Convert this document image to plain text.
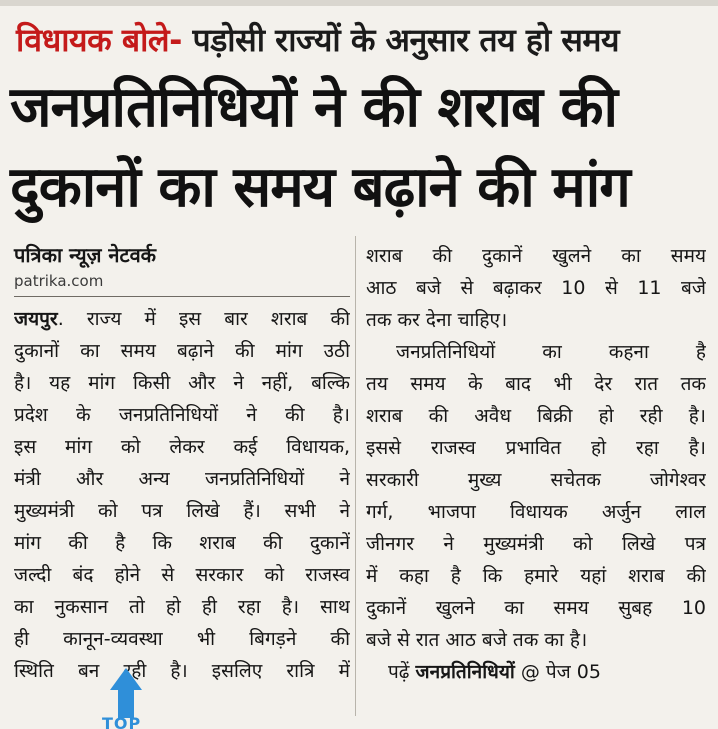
विधायक बोले- पड़ोसी राज्यों के अनुसार तय हो समय
जनप्रतिनिधियों ने की शराब की
दुकानों का समय बढ़ाने की मांग
पत्रिका न्यूज़ नेटवर्क
patrika.com
जयपुर. राज्य में इस बार शराब की
दुकानों का समय बढ़ाने की मांग उठी
है। यह मांग किसी और ने नहीं, बल्कि
प्रदेश के जनप्रतिनिधियों ने की है।
इस मांग को लेकर कई विधायक,
मंत्री और अन्य जनप्रतिनिधियों ने
मुख्यमंत्री को पत्र लिखे हैं। सभी ने
मांग की है कि शराब की दुकानें
जल्दी बंद होने से सरकार को राजस्व
का नुकसान तो हो ही रहा है। साथ
ही कानून-व्यवस्था भी बिगड़ने की
स्थिति बन रही है। इसलिए रात्रि में
शराब की दुकानें खुलने का समय
आठ बजे से बढ़ाकर 10 से 11 बजे
तक कर देना चाहिए।
जनप्रतिनिधियों का कहना है
तय समय के बाद भी देर रात तक
शराब की अवैध बिक्री हो रही है।
इससे राजस्व प्रभावित हो रहा है।
सरकारी मुख्य सचेतक जोगेश्वर
गर्ग, भाजपा विधायक अर्जुन लाल
जीनगर ने मुख्यमंत्री को लिखे पत्र
में कहा है कि हमारे यहां शराब की
दुकानें खुलने का समय सुबह 10
बजे से रात आठ बजे तक का है।
पढ़ें जनप्रतिनिधियों @ पेज 05
TOP
